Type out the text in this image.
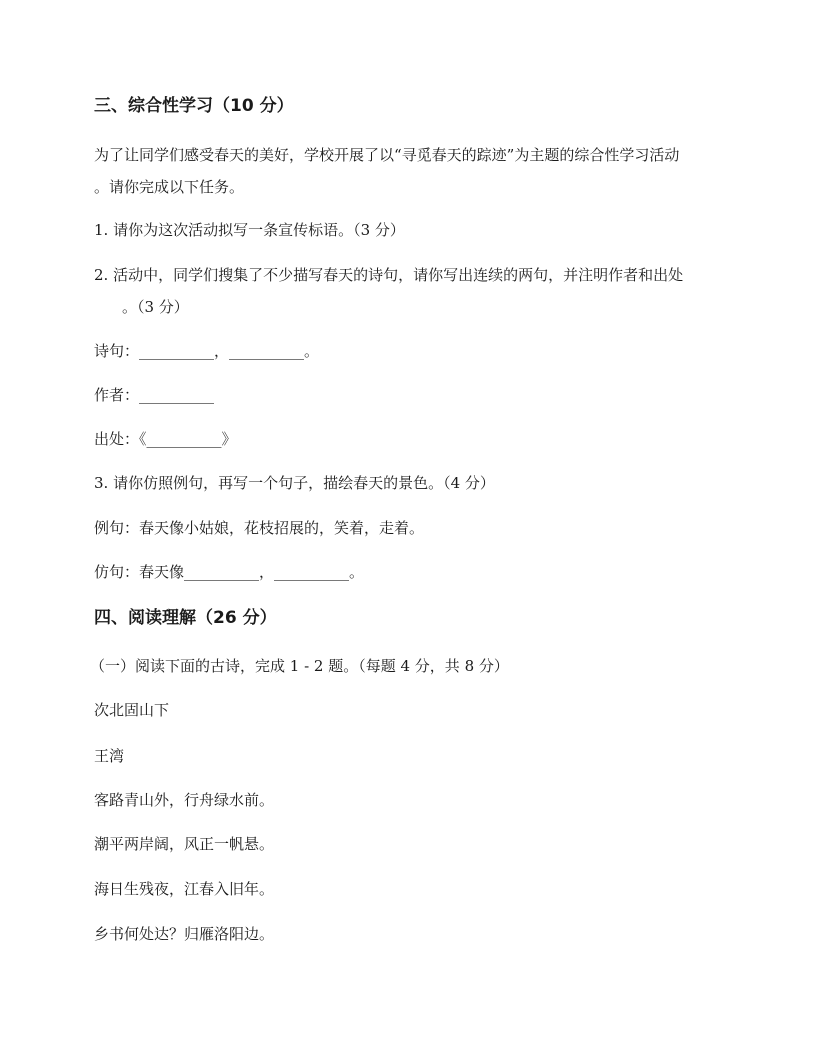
三、综合性学习（10 分）
为了让同学们感受春天的美好，学校开展了以“寻觅春天的踪迹”为主题的综合性学习活动
。请你完成以下任务。
1. 请你为这次活动拟写一条宣传标语。（3 分）
2. 活动中，同学们搜集了不少描写春天的诗句，请你写出连续的两句，并注明作者和出处
。（3 分）
诗句：__________，__________。
作者：__________
出处：《__________》
3. 请你仿照例句，再写一个句子，描绘春天的景色。（4 分）
例句：春天像小姑娘，花枝招展的，笑着，走着。
仿句：春天像__________，__________。
四、阅读理解（26 分）
（一）阅读下面的古诗，完成 1 - 2 题。（每题 4 分，共 8 分）
次北固山下
王湾
客路青山外，行舟绿水前。
潮平两岸阔，风正一帆悬。
海日生残夜，江春入旧年。
乡书何处达？归雁洛阳边。
